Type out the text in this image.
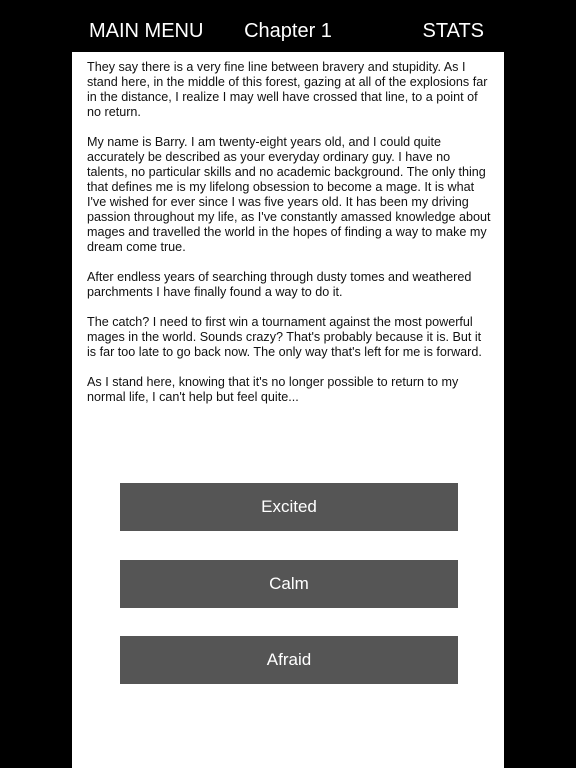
MAIN MENU	Chapter 1	STATS

They say there is a very fine line between bravery and stupidity. As I stand here, in the middle of this forest, gazing at all of the explosions far in the distance, I realize I may well have crossed that line, to a point of no return.

My name is Barry. I am twenty-eight years old, and I could quite accurately be described as your everyday ordinary guy. I have no talents, no particular skills and no academic background. The only thing that defines me is my lifelong obsession to become a mage. It is what I've wished for ever since I was five years old. It has been my driving passion throughout my life, as I've constantly amassed knowledge about mages and travelled the world in the hopes of finding a way to make my dream come true.

After endless years of searching through dusty tomes and weathered parchments I have finally found a way to do it.

The catch? I need to first win a tournament against the most powerful mages in the world. Sounds crazy? That's probably because it is. But it is far too late to go back now. The only way that's left for me is forward.

As I stand here, knowing that it's no longer possible to return to my normal life, I can't help but feel quite...

Excited
Calm
Afraid
